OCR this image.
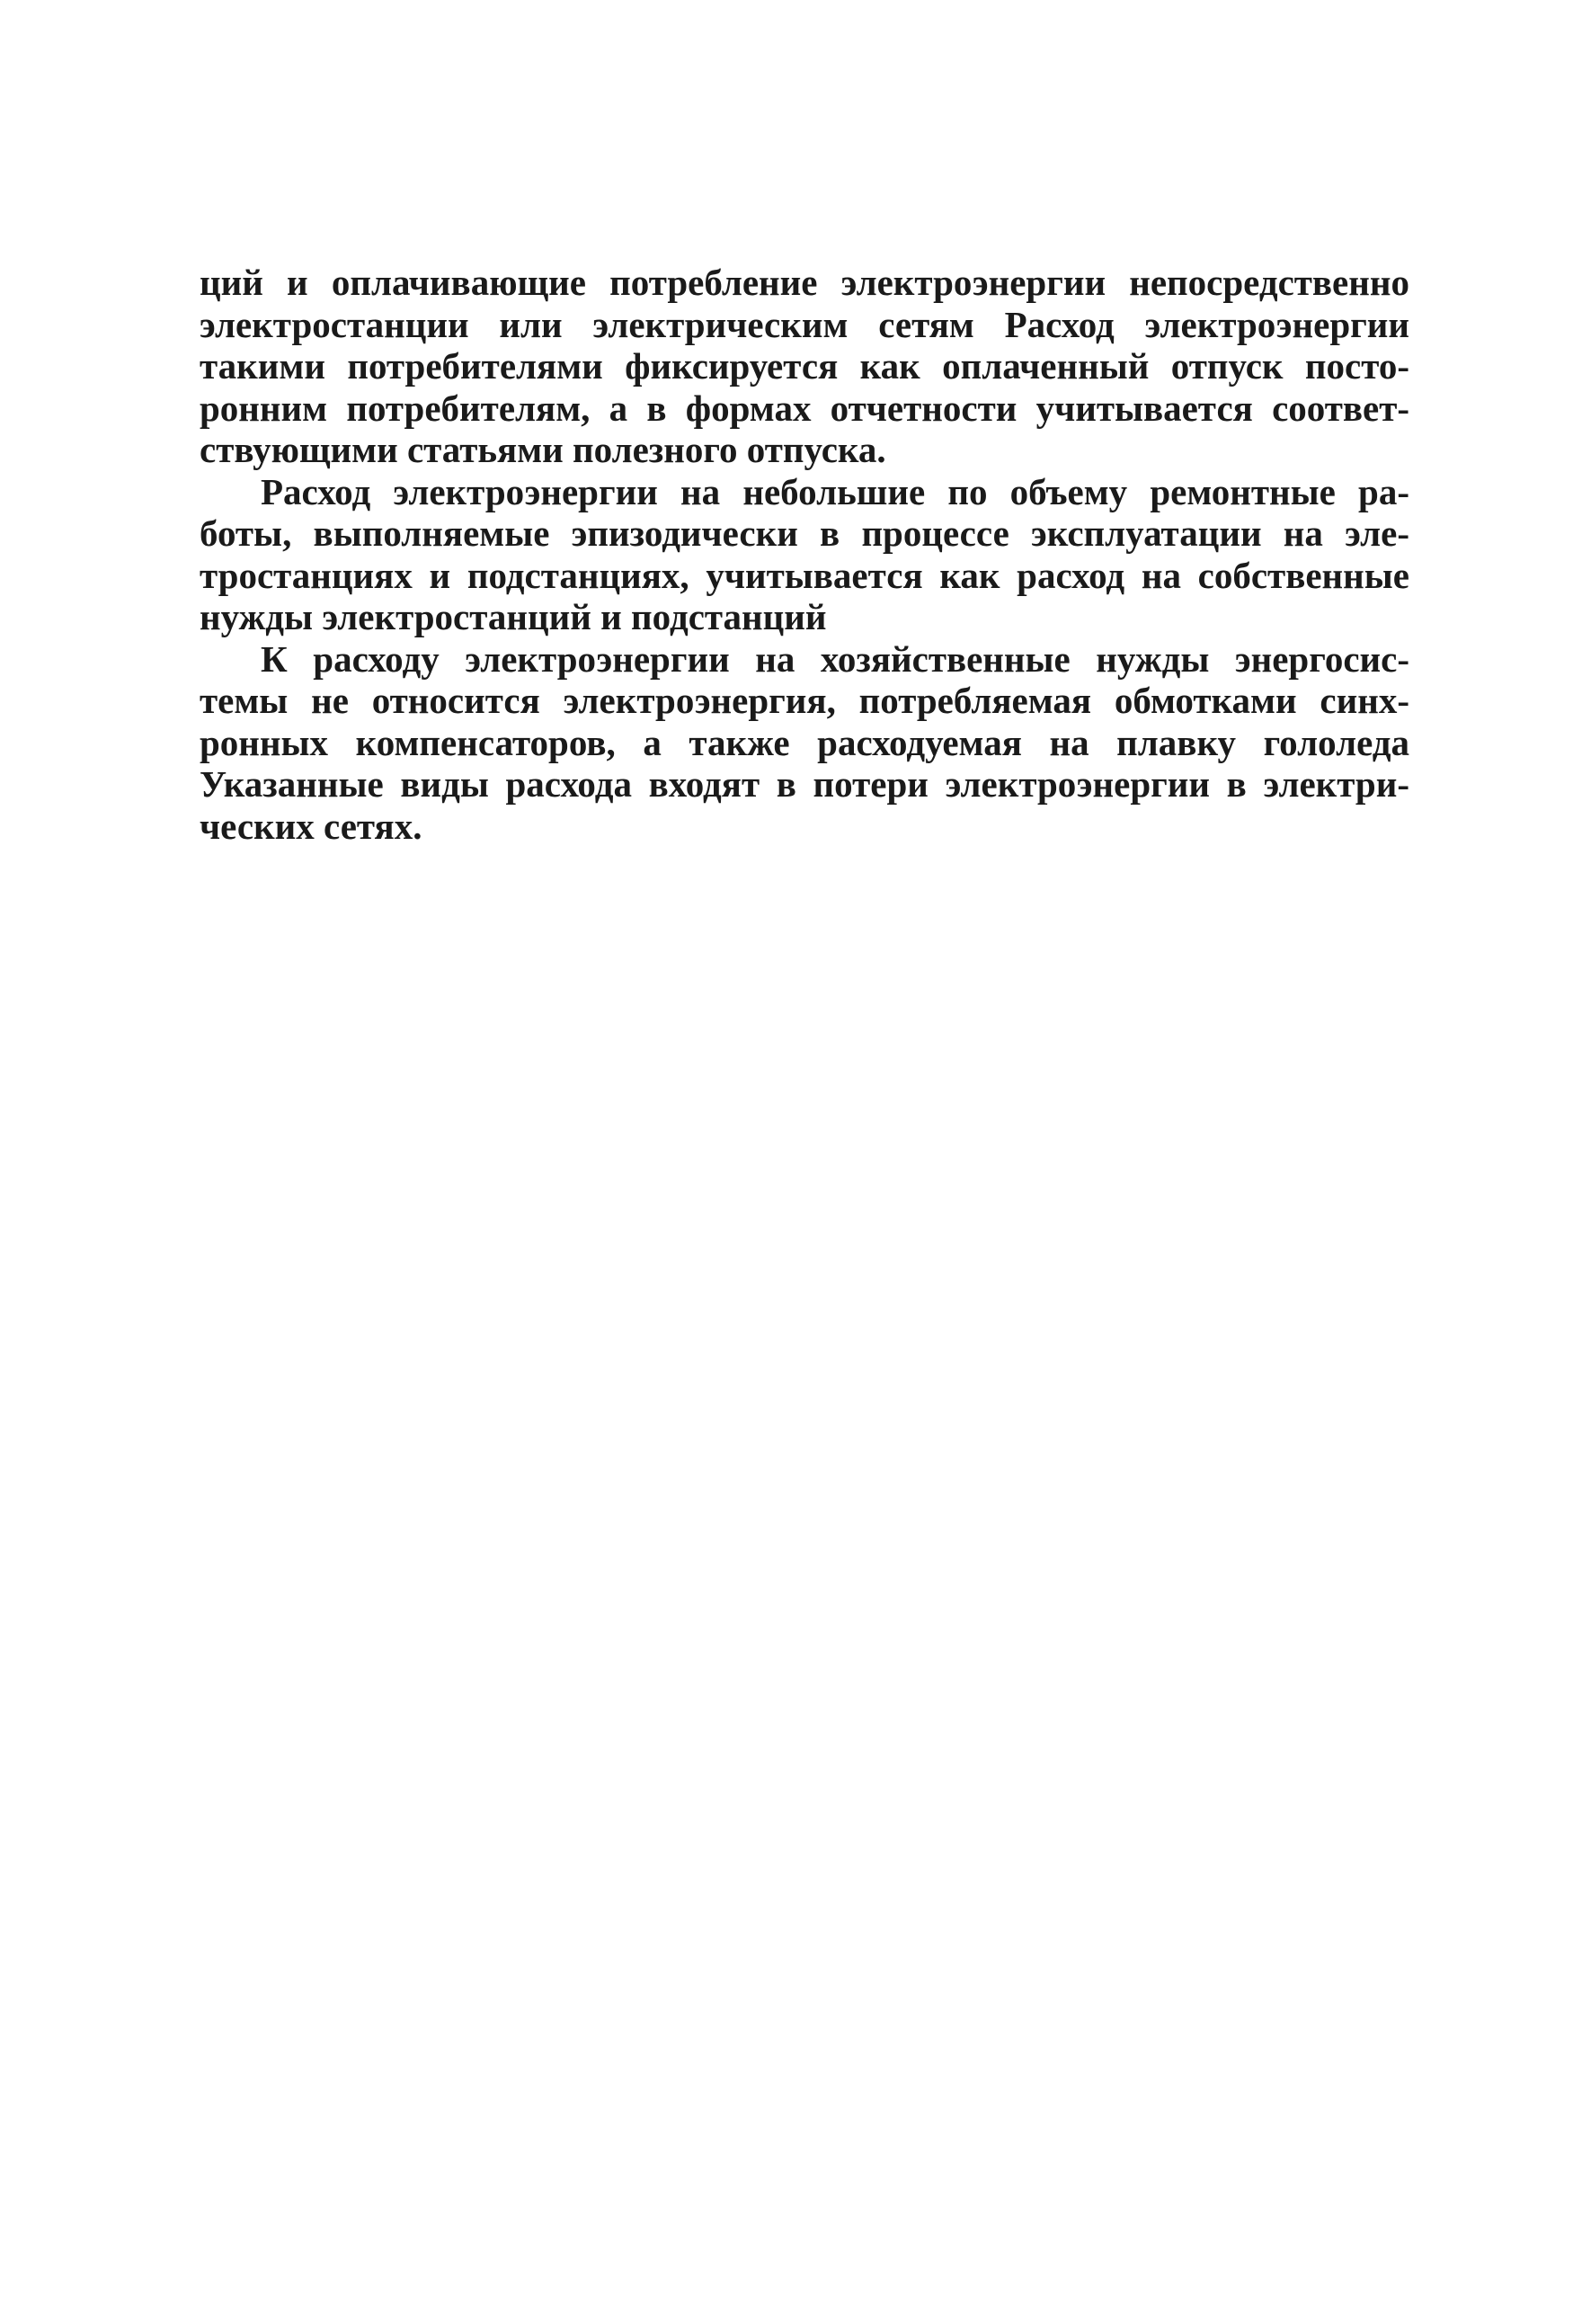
ций и оплачивающие потребление электроэнергии непосредственно
электростанции или электрическим сетям Расход электроэнергии
такими потребителями фиксируется как оплаченный отпуск посто-
ронним потребителям, а в формах отчетности учитывается соответ-
ствующими статьями полезного отпуска.
Расход электроэнергии на небольшие по объему ремонтные ра-
боты, выполняемые эпизодически в процессе эксплуатации на эле-
тростанциях и подстанциях, учитывается как расход на собственные
нужды электростанций и подстанций
К расходу электроэнергии на хозяйственные нужды энергосис-
темы не относится электроэнергия, потребляемая обмотками синх-
ронных компенсаторов, а также расходуемая на плавку гололеда
Указанные виды расхода входят в потери электроэнергии в электри-
ческих сетях.
